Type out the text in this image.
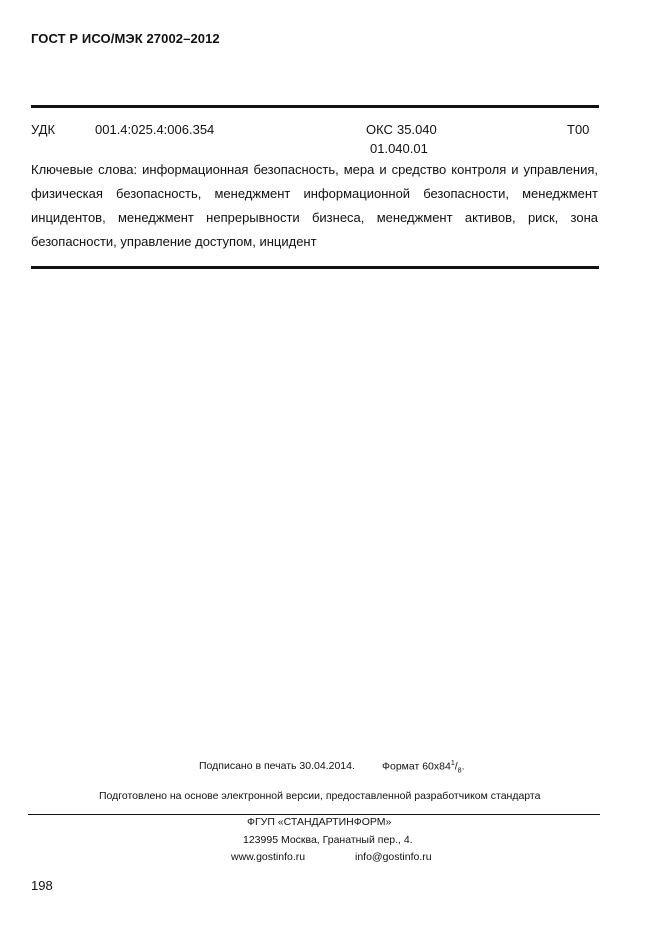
ГОСТ Р ИСО/МЭК 27002–2012
УДК	001.4:025.4:006.354	ОКС 35.040
01.040.01
Т00
Ключевые слова: информационная безопасность, мера и средство контроля и управления, физическая безопасность, менеджмент информационной безопасности, менеджмент инцидентов, менеджмент непрерывности бизнеса, менеджмент активов, риск, зона безопасности, управление доступом, инцидент
Подписано в печать 30.04.2014.	Формат $60x84^1/_8$.
Подготовлено на основе электронной версии, предоставленной разработчиком стандарта
ФГУП «СТАНДАРТИНФОРМ»
123995 Москва, Гранатный пер., 4.
www.gostinfo.ru	info@gostinfo.ru
198
